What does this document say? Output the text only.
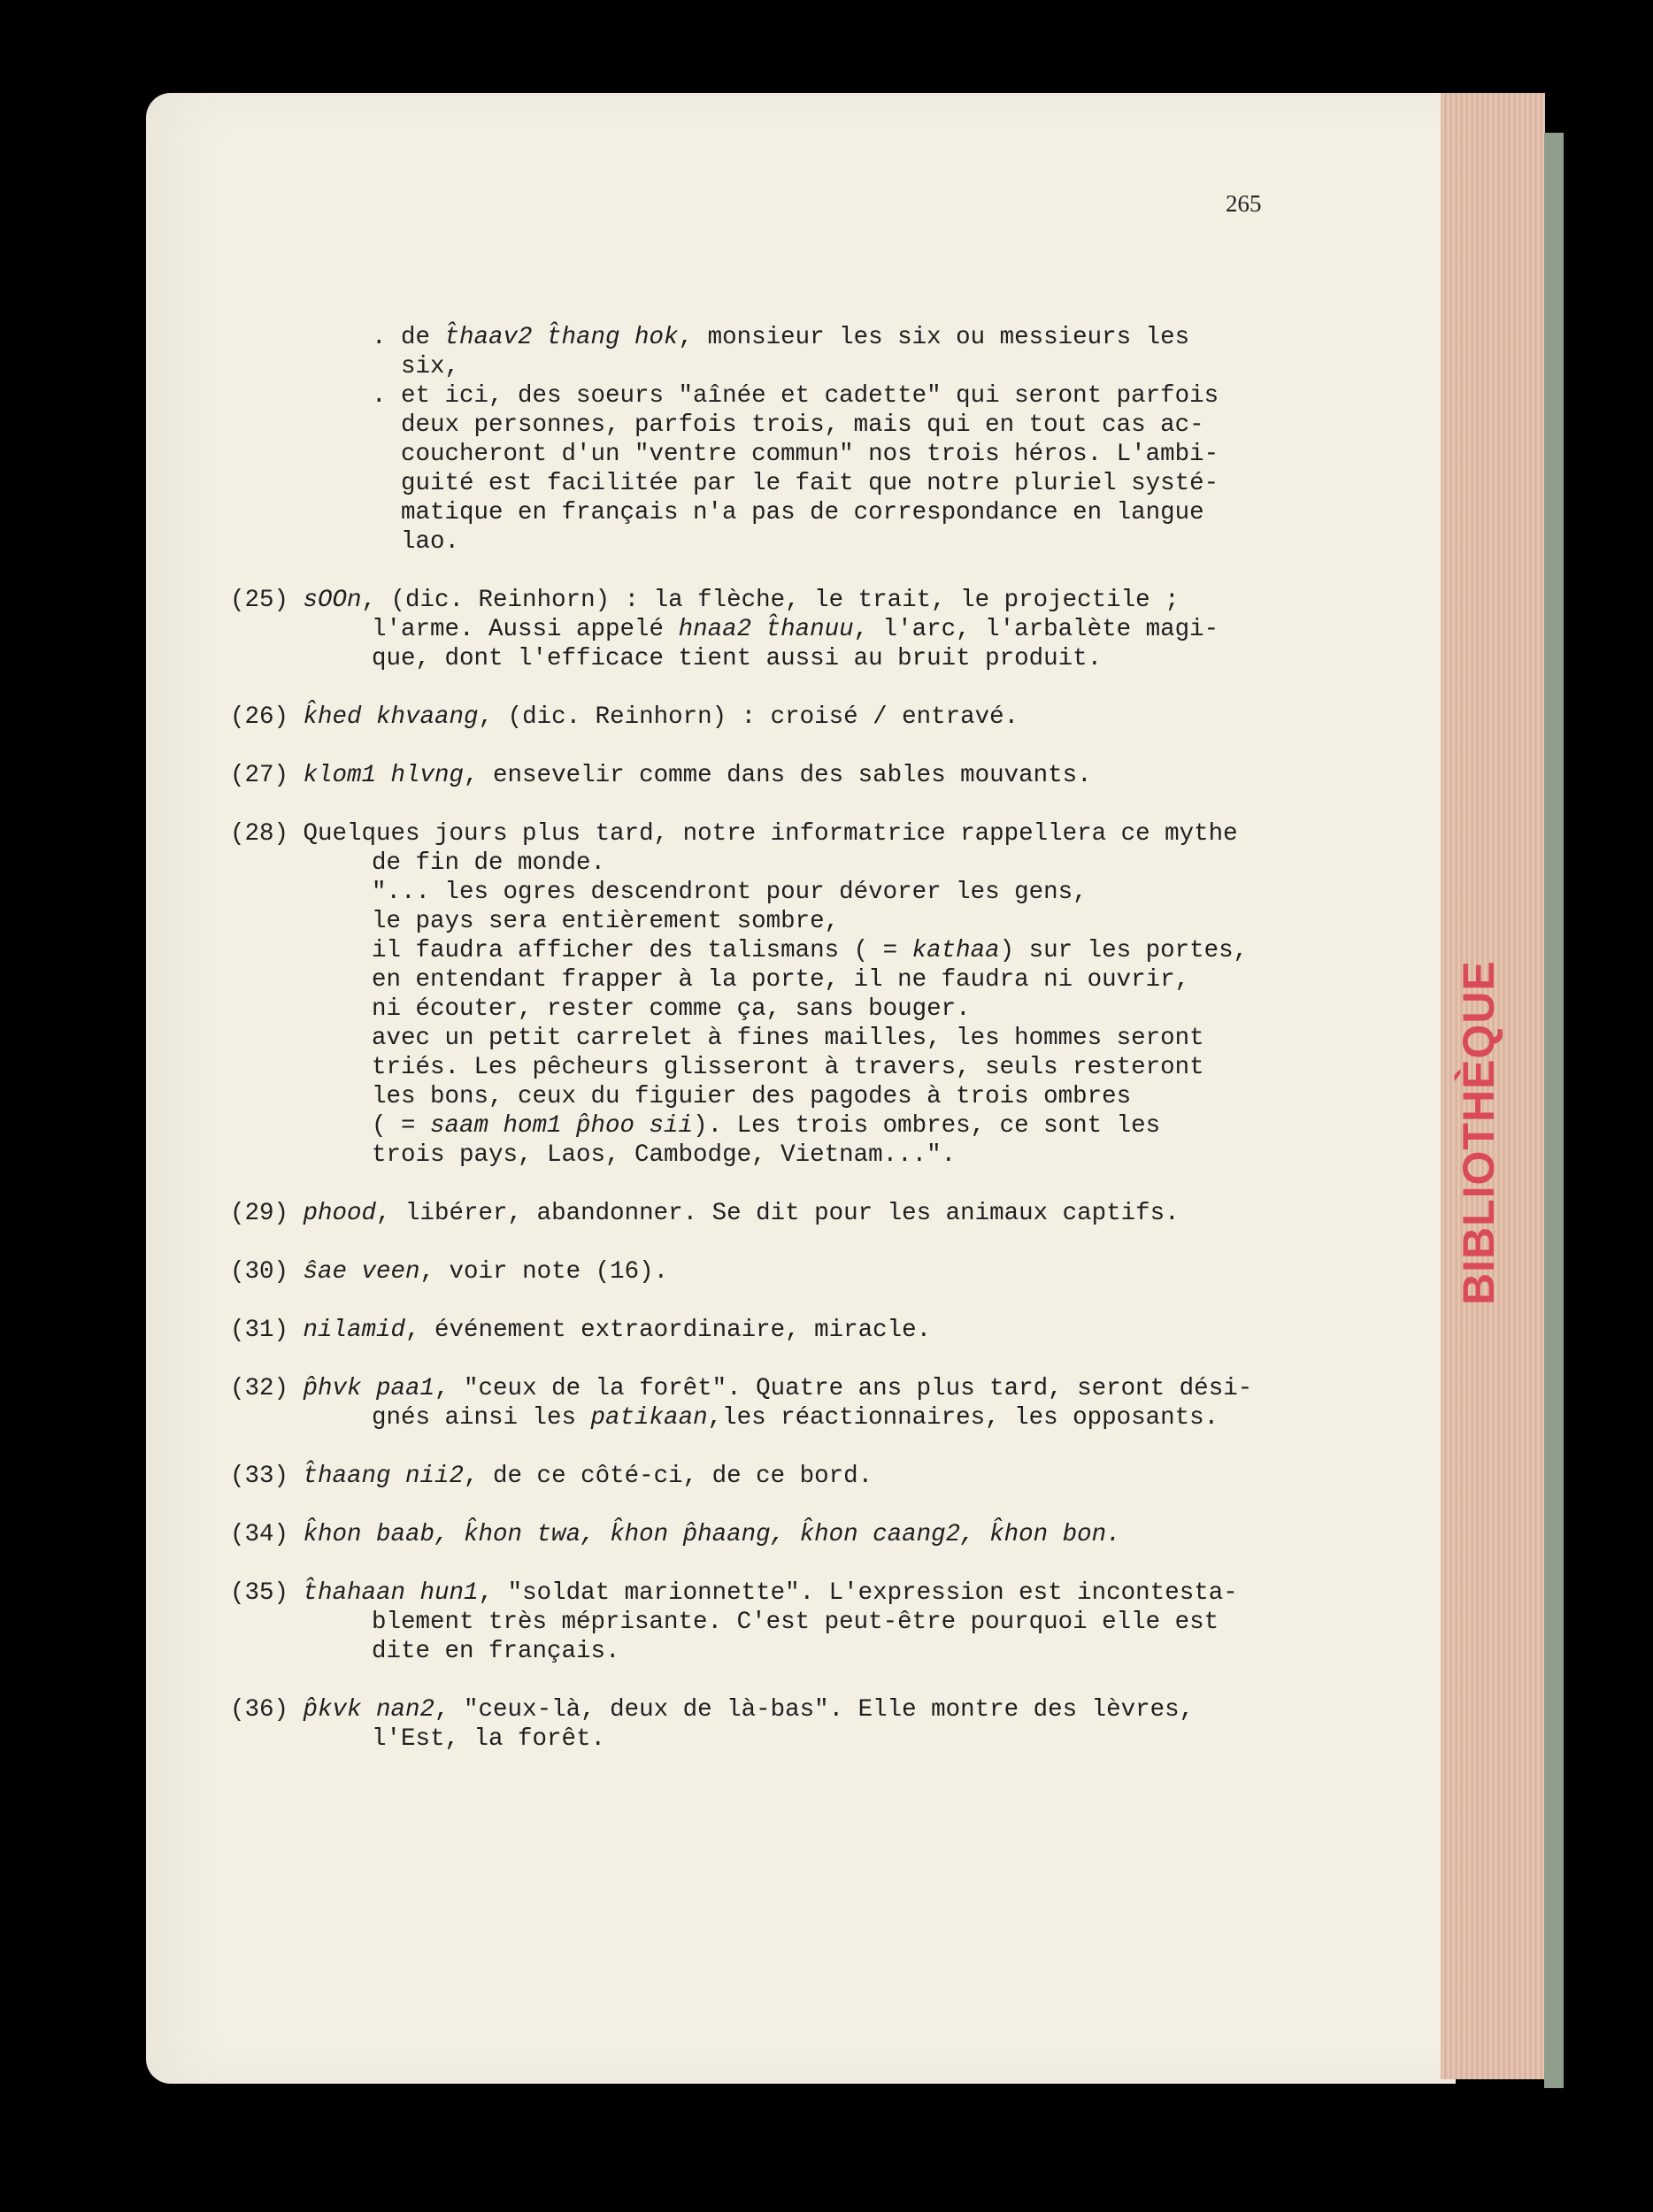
BIBLIOTHÈQUE
265
. de t̂haav2 t̂hang hok, monsieur les six ou messieurs les
six,
. et ici, des soeurs "aînée et cadette" qui seront parfois
deux personnes, parfois trois, mais qui en tout cas ac-
coucheront d'un "ventre commun" nos trois héros. L'ambi-
guité est facilitée par le fait que notre pluriel systé-
matique en français n'a pas de correspondance en langue
lao.
(25) sOOn, (dic. Reinhorn) : la flèche, le trait, le projectile ;
l'arme. Aussi appelé hnaa2 t̂hanuu, l'arc, l'arbalète magi-
que, dont l'efficace tient aussi au bruit produit.
(26) k̂hed khvaang, (dic. Reinhorn) : croisé / entravé.
(27) klom1 hlvng, ensevelir comme dans des sables mouvants.
(28) Quelques jours plus tard, notre informatrice rappellera ce mythe
de fin de monde.
"... les ogres descendront pour dévorer les gens,
le pays sera entièrement sombre,
il faudra afficher des talismans ( = kathaa) sur les portes,
en entendant frapper à la porte, il ne faudra ni ouvrir,
ni écouter, rester comme ça, sans bouger.
avec un petit carrelet à fines mailles, les hommes seront
triés. Les pêcheurs glisseront à travers, seuls resteront
les bons, ceux du figuier des pagodes à trois ombres
( = saam hom1 p̂hoo sii). Les trois ombres, ce sont les
trois pays, Laos, Cambodge, Vietnam...".
(29) phood, libérer, abandonner. Se dit pour les animaux captifs.
(30) ŝae veen, voir note (16).
(31) nilamid, événement extraordinaire, miracle.
(32) p̂hvk paa1, "ceux de la forêt". Quatre ans plus tard, seront dési-
gnés ainsi les patikaan,les réactionnaires, les opposants.
(33) t̂haang nii2, de ce côté-ci, de ce bord.
(34) k̂hon baab, k̂hon twa, k̂hon p̂haang, k̂hon caang2, k̂hon bon.
(35) t̂hahaan hun1, "soldat marionnette". L'expression est incontesta-
blement très méprisante. C'est peut-être pourquoi elle est
dite en français.
(36) p̂kvk nan2, "ceux-là, deux de là-bas". Elle montre des lèvres,
l'Est, la forêt.
